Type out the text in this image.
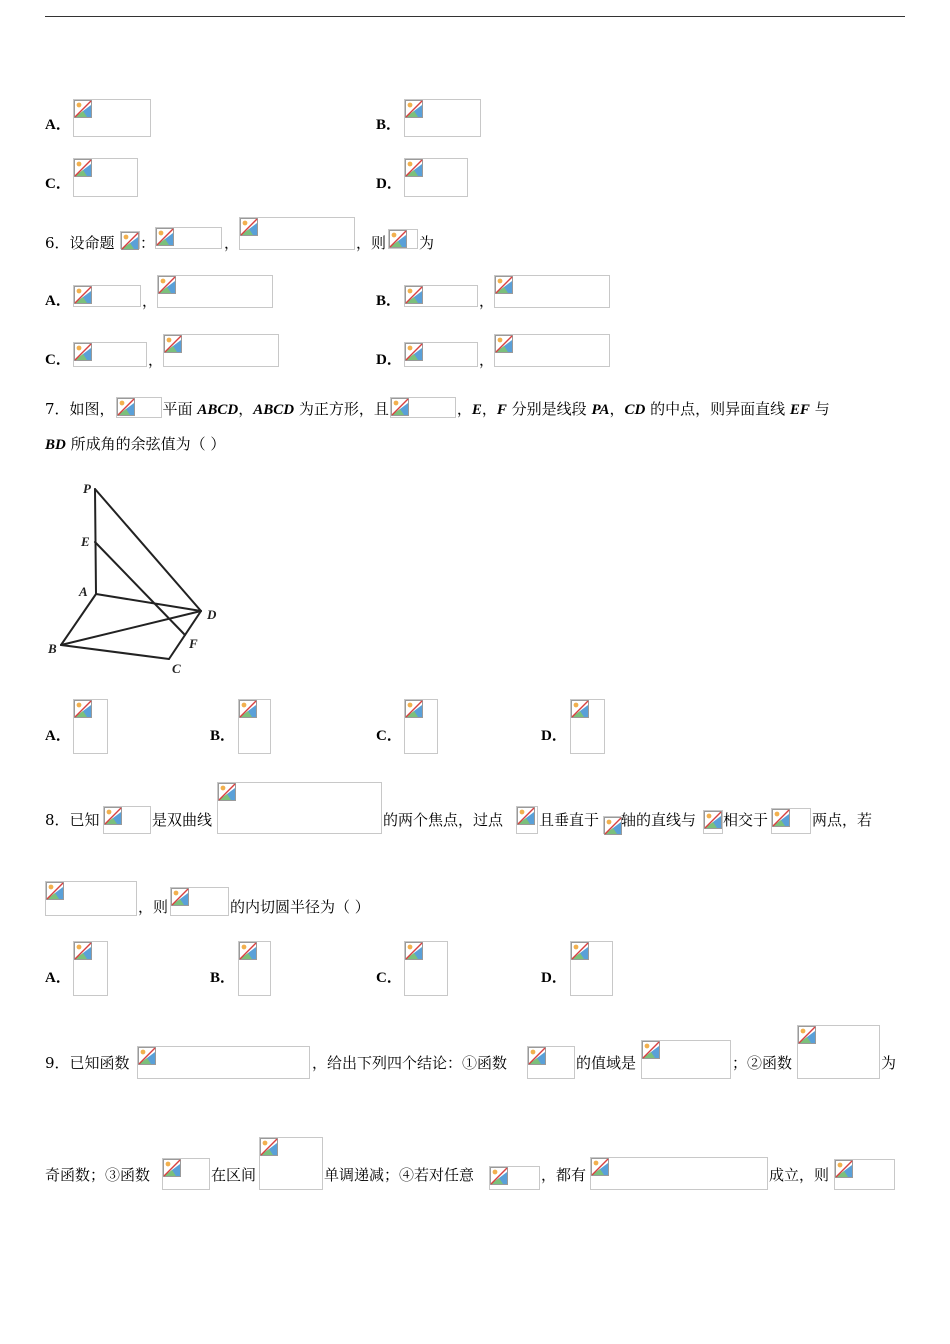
A．	B．
C．	D．
6．设命题 ：	，	，则 为
A．	，	B．	，
C．	，	D．	，
7．如图，	平面 ABCD，ABCD 为正方形，且	，E，F 分别是线段 PA，CD 的中点，则异面直线 EF 与
BD 所成角的余弦值为（ ）
P
E
A
D
F
B
C
A．	B．	C．	D．
8．已知	是双曲线	的两个焦点，过点 且垂直于 轴的直线与 相交于	两点，若
，则	的内切圆半径为（ ）
A．	B．	C．	D．
9．已知函数	，给出下列四个结论：①函数	的值域是	；②函数	为
奇函数；③函数	在区间	单调递减；④若对任意	，都有	成立，则
